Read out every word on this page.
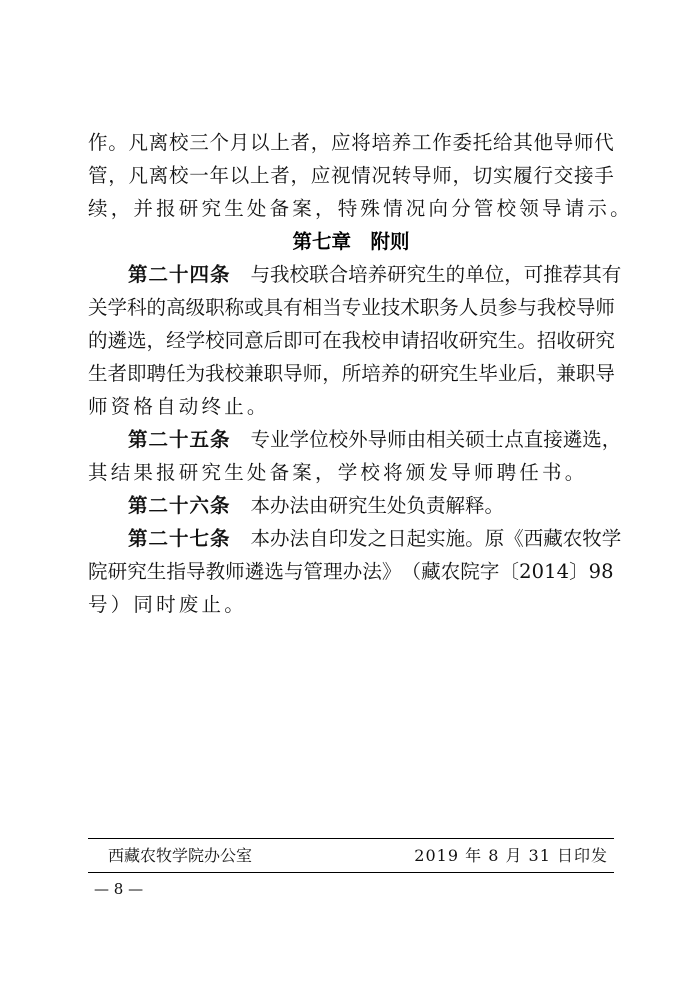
作 。 凡 离 校 三 个 月 以 上 者 ， 应 将 培 养 工 作 委 托 给 其 他 导 师 代
管 ， 凡 离 校 一 年 以 上 者 ， 应 视 情 况 转 导 师 ， 切 实 履 行 交 接 手
续，并报研究生处备案，特殊情况向分管校领导请示。
第七章　附则
第二十四条 与 我 校 联 合 培 养 研 究 生 的 单 位 ， 可 推 荐 其 有
关 学 科 的 高 级 职 称 或 具 有 相 当 专 业 技 术 职 务 人 员 参 与 我 校 导 师
的 遴 选 ， 经 学 校 同 意 后 即 可 在 我 校 申 请 招 收 研 究 生 。 招 收 研 究
生 者 即 聘 任 为 我 校 兼 职 导 师 ， 所 培 养 的 研 究 生 毕 业 后 ， 兼 职 导
师资格自动终止。
第二十五条 专 业 学 位 校 外 导 师 由 相 关 硕 士 点 直 接 遴 选 ，
其结果报研究生处备案，学校将颁发导师聘任书。
第二十六条 本办法由研究生处负责解释。
第二十七条 本 办 法 自 印 发 之 日 起 实 施 。 原 《 西 藏 农 牧 学
院 研 究 生 指 导 教 师 遴 选 与 管 理 办 法 》 （ 藏 农 院 字 〔 2 0 1 4 〕 9 8
号）同时废止。
西藏农牧学院办公室	2019 年 8 月 31 日印发
— 8 —
